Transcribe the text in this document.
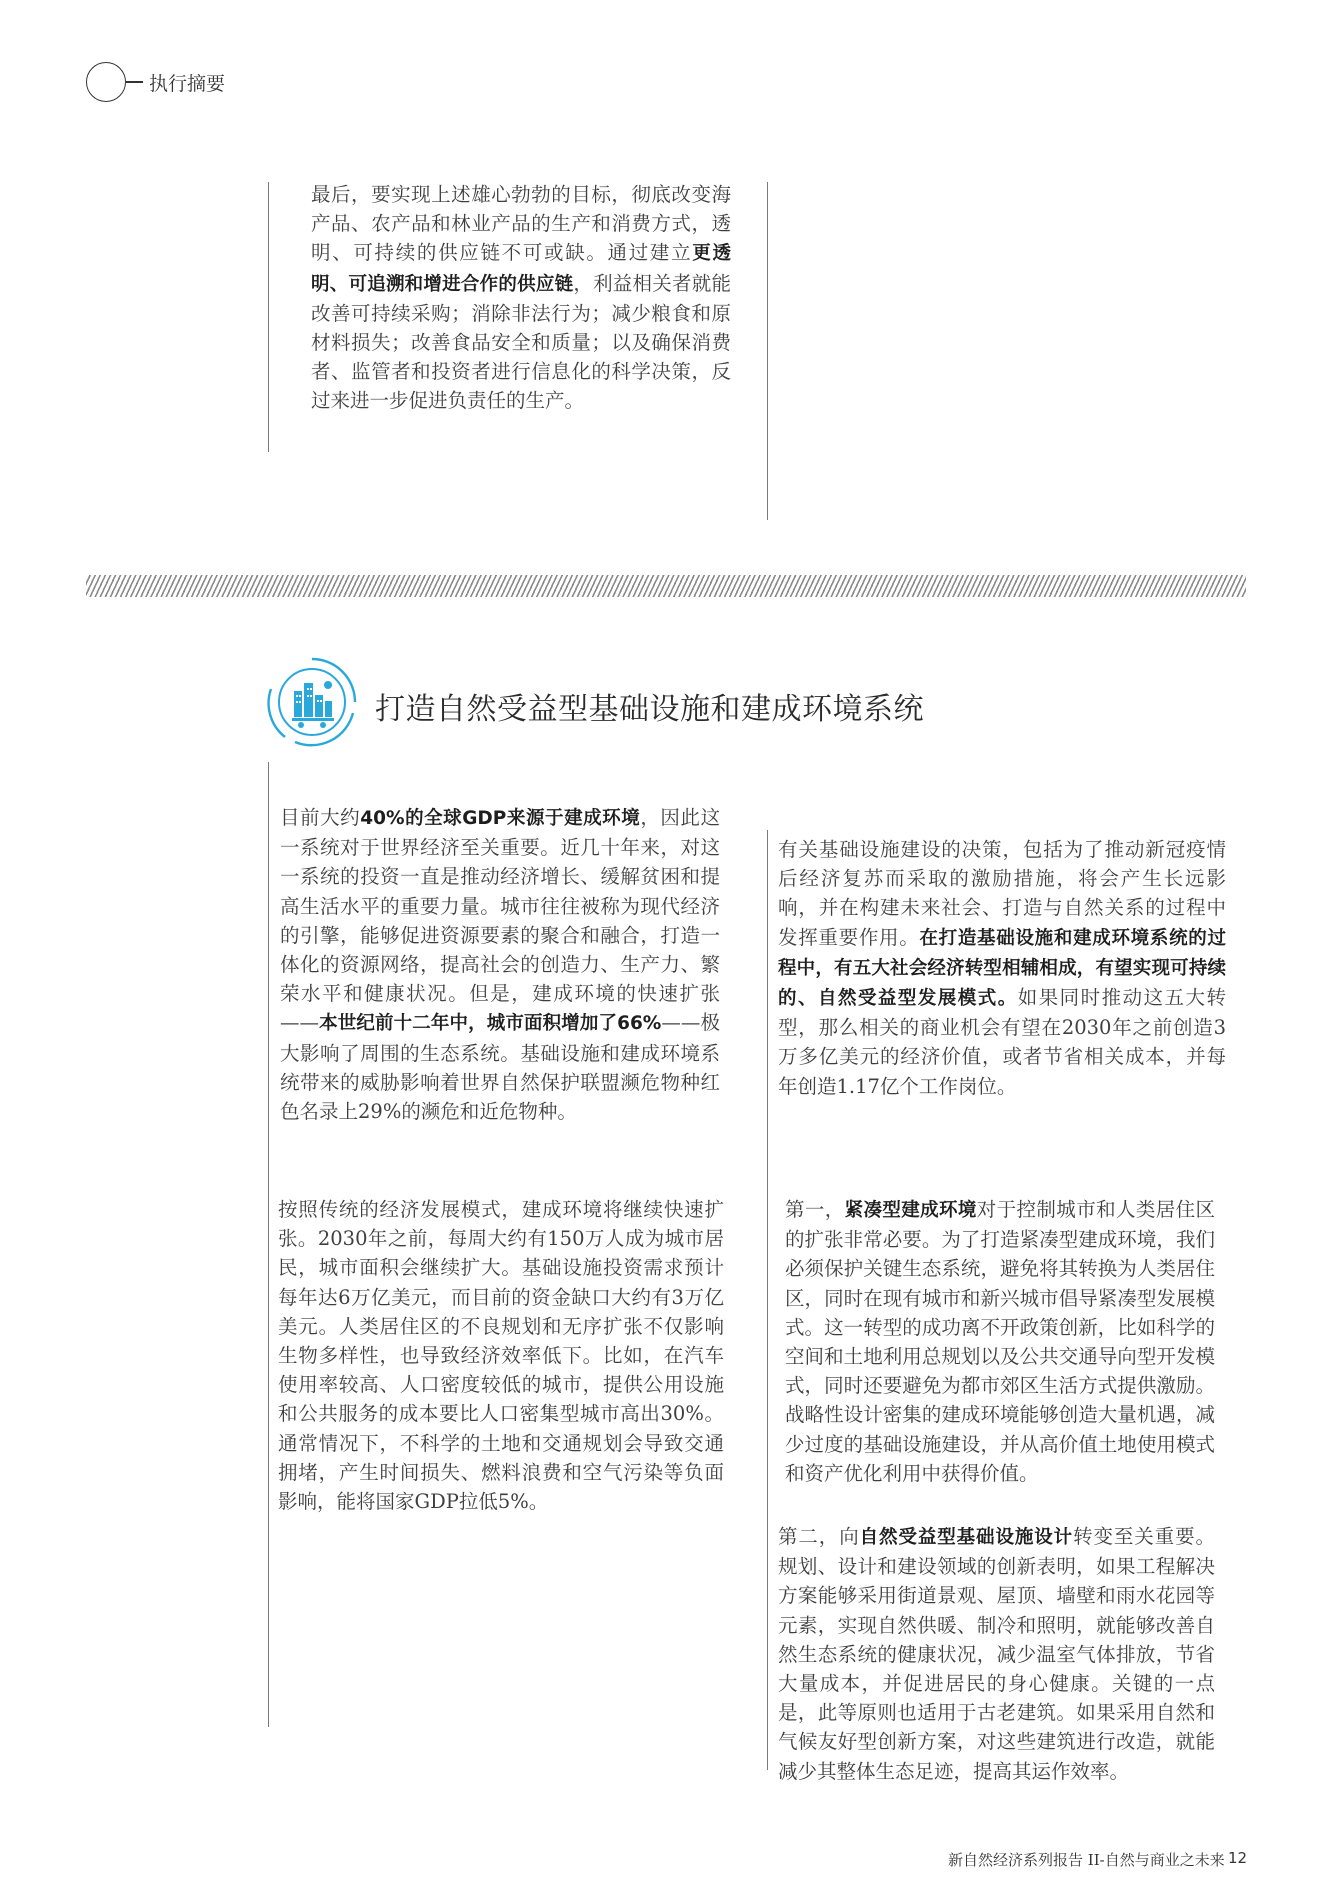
执行摘要
最后，要实现上述雄心勃勃的目标，彻底改变海产品、农产品和林业产品的生产和消费方式，透明、可持续的供应链不可或缺。通过建立更透明、可追溯和增进合作的供应链，利益相关者就能改善可持续采购；消除非法行为；减少粮食和原材料损失；改善食品安全和质量；以及确保消费者、监管者和投资者进行信息化的科学决策，反过来进一步促进负责任的生产。
打造自然受益型基础设施和建成环境系统
目前大约40%的全球GDP来源于建成环境，因此这一系统对于世界经济至关重要。近几十年来，对这一系统的投资一直是推动经济增长、缓解贫困和提高生活水平的重要力量。城市往往被称为现代经济的引擎，能够促进资源要素的聚合和融合，打造一体化的资源网络，提高社会的创造力、生产力、繁荣水平和健康状况。但是，建成环境的快速扩张——本世纪前十二年中，城市面积增加了66%——极大影响了周围的生态系统。基础设施和建成环境系统带来的威胁影响着世界自然保护联盟濒危物种红色名录上29%的濒危和近危物种。
按照传统的经济发展模式，建成环境将继续快速扩张。2030年之前，每周大约有150万人成为城市居民，城市面积会继续扩大。基础设施投资需求预计每年达6万亿美元，而目前的资金缺口大约有3万亿美元。人类居住区的不良规划和无序扩张不仅影响生物多样性，也导致经济效率低下。比如，在汽车使用率较高、人口密度较低的城市，提供公用设施和公共服务的成本要比人口密集型城市高出30%。通常情况下，不科学的土地和交通规划会导致交通拥堵，产生时间损失、燃料浪费和空气污染等负面影响，能将国家GDP拉低5%。
有关基础设施建设的决策，包括为了推动新冠疫情后经济复苏而采取的激励措施，将会产生长远影响，并在构建未来社会、打造与自然关系的过程中发挥重要作用。在打造基础设施和建成环境系统的过程中，有五大社会经济转型相辅相成，有望实现可持续的、自然受益型发展模式。如果同时推动这五大转型，那么相关的商业机会有望在2030年之前创造3万多亿美元的经济价值，或者节省相关成本，并每年创造1.17亿个工作岗位。
第一，紧凑型建成环境对于控制城市和人类居住区的扩张非常必要。为了打造紧凑型建成环境，我们必须保护关键生态系统，避免将其转换为人类居住区，同时在现有城市和新兴城市倡导紧凑型发展模式。这一转型的成功离不开政策创新，比如科学的空间和土地利用总规划以及公共交通导向型开发模式，同时还要避免为都市郊区生活方式提供激励。战略性设计密集的建成环境能够创造大量机遇，减少过度的基础设施建设，并从高价值土地使用模式和资产优化利用中获得价值。
第二，向自然受益型基础设施设计转变至关重要。规划、设计和建设领域的创新表明，如果工程解决方案能够采用街道景观、屋顶、墙壁和雨水花园等元素，实现自然供暖、制冷和照明，就能够改善自然生态系统的健康状况，减少温室气体排放，节省大量成本，并促进居民的身心健康。关键的一点是，此等原则也适用于古老建筑。如果采用自然和气候友好型创新方案，对这些建筑进行改造，就能减少其整体生态足迹，提高其运作效率。
新自然经济系列报告 II-自然与商业之未来 12
